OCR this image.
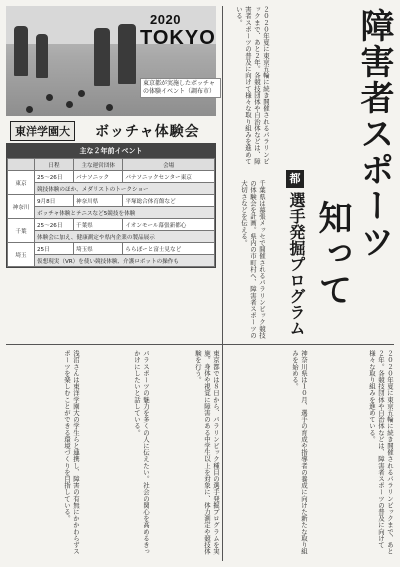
2020
TOKYO
東京都が実施したボッチャの体験イベント（調布市）
東洋学園大	ボッチャ体験会
主な２年前イベント
	日程	主な運営団体	会場
東京	25～26日	パナソニック	パナソニックセンター東京
	競技体験のほか、メダリストのトークショー		
神奈川	9月8日	神奈川県	平塚総合体育館など
	ボッチャ体験とテニスなど5競技を体験		
千葉	25～26日	千葉県	イオンモール幕張新都心
	体験会に加え、健康測定や県内企業の製品展示		
埼玉	25日	埼玉県	ららぽーと富士見など
	仮想現実（VR）を使い競技体験、介護ロボットの操作も		
障害者スポーツ
知って
都
選手発掘プログラム
２０２０年夏に東京五輪に続き開催されるパラリンピックまで、あと２年。各競技団体や自治体などは、障害者スポーツの普及に向けて様々な取り組みを進めている。
千葉県は幕張メッセで開催されるパラリンピック競技の体験会を計画。県内の市町村へ、障害者スポーツの大切さなどを伝える。
浅沼さんは東洋学園大の学生らと連携し、障害の有無にかかわらずスポーツを楽しむことができる環境づくりを目指している。	パラスポーツの魅力を多くの人に伝えたい。社会の関心を高めるきっかけにしたいと話している。	東京都では８日から、パラリンピック種目の選手発掘プログラムを実施。身体や視覚に障害のある中学生以上を対象に、体力測定や競技体験を行う。	神奈川県は１０月、選手の育成や指導者の養成に向けた新たな取り組みを始める。	２０２０年夏に東京五輪に続き開催されるパラリンピックまで、あと２年。各競技団体や自治体などは、障害者スポーツの普及に向けて様々な取り組みを進めている。
